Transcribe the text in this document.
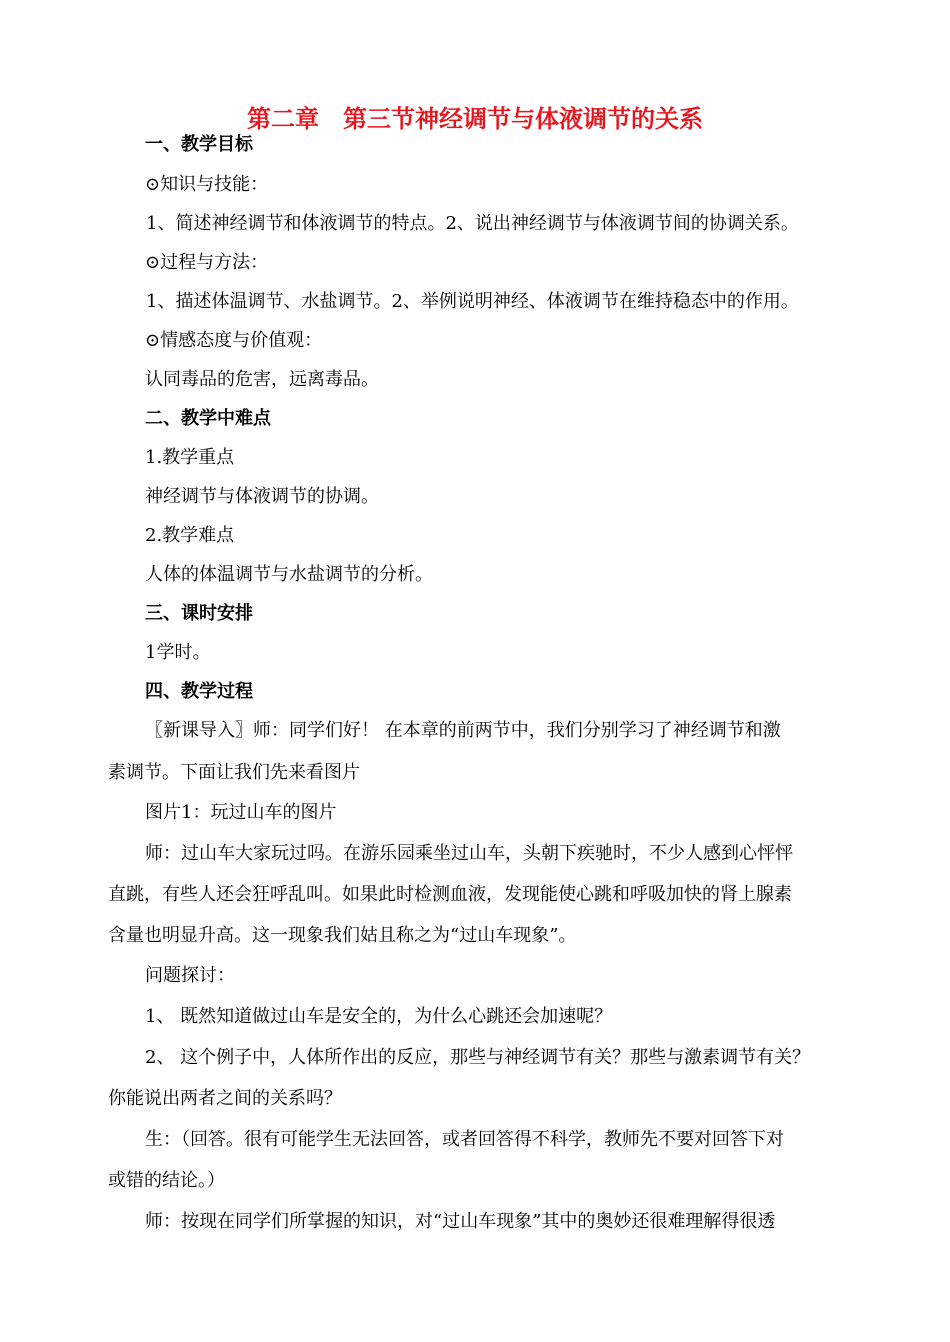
第二章　第三节神经调节与体液调节的关系
一、教学目标
⊙知识与技能：
1、简述神经调节和体液调节的特点。2、说出神经调节与体液调节间的协调关系。
⊙过程与方法：
1、描述体温调节、水盐调节。2、举例说明神经、体液调节在维持稳态中的作用。
⊙情感态度与价值观：
认同毒品的危害，远离毒品。
二、教学中难点
1.教学重点
神经调节与体液调节的协调。
2.教学难点
人体的体温调节与水盐调节的分析。
三、课时安排
1学时。
四、教学过程
〖新课导入〗师：同学们好！ 在本章的前两节中，我们分别学习了神经调节和激
素调节。下面让我们先来看图片
图片1：玩过山车的图片
师：过山车大家玩过吗。在游乐园乘坐过山车，头朝下疾驰时，不少人感到心怦怦
直跳，有些人还会狂呼乱叫。如果此时检测血液，发现能使心跳和呼吸加快的肾上腺素
含量也明显升高。这一现象我们姑且称之为“过山车现象”。
问题探讨：
1、 既然知道做过山车是安全的，为什么心跳还会加速呢？
2、 这个例子中，人体所作出的反应，那些与神经调节有关？那些与激素调节有关？
你能说出两者之间的关系吗？
生：（回答。很有可能学生无法回答，或者回答得不科学，教师先不要对回答下对
或错的结论。）
师：按现在同学们所掌握的知识，对“过山车现象”其中的奥妙还很难理解得很透
